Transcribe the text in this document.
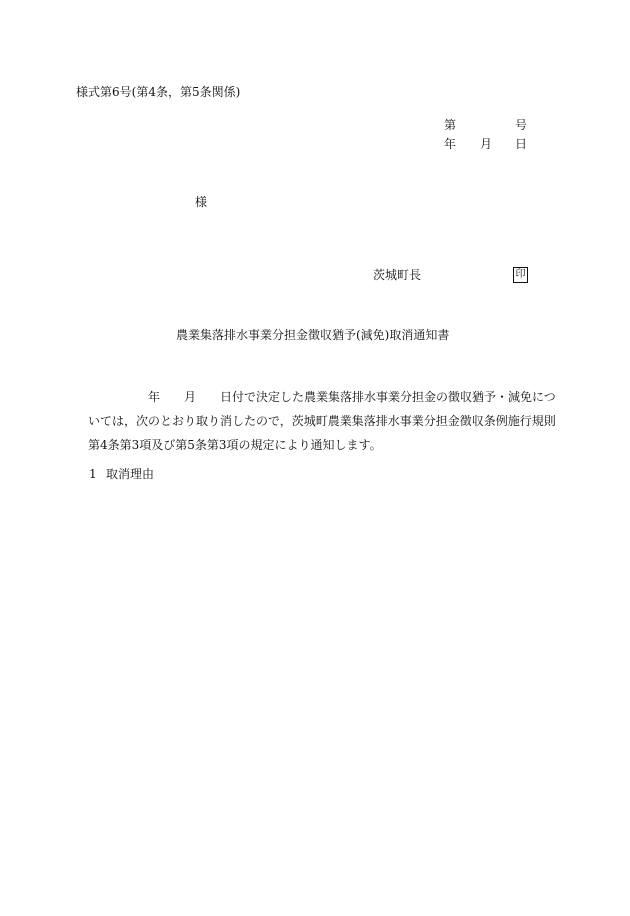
様式第6号(第4条，第5条関係)
第	号
年 月 日
様
茨城町長	印
農業集落排水事業分担金徴収猶予(減免)取消通知書
年 月 日付で決定した農業集落排水事業分担金の徴収猶予・減免につ
いては，次のとおり取り消したので，茨城町農業集落排水事業分担金徴収条例施行規則
第4条第3項及び第5条第3項の規定により通知します。
1 取消理由
